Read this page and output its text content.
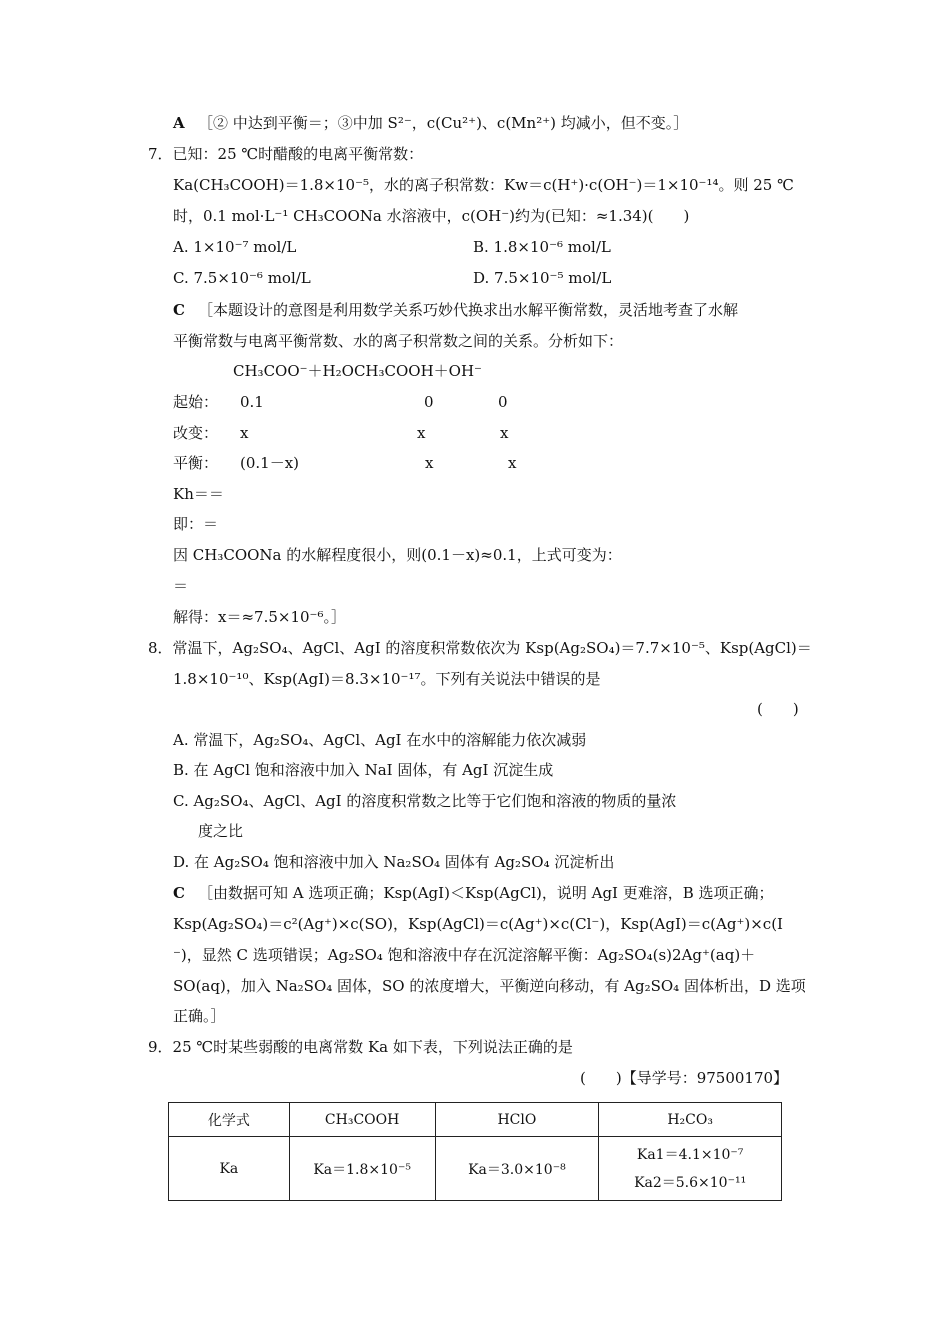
A ［② 中达到平衡＝；③中加 S²⁻，c(Cu²⁺)、c(Mn²⁺) 均减小，但不变。］
7．已知：25 ℃时醋酸的电离平衡常数：
Ka(CH₃COOH)＝1.8×10⁻⁵，水的离子积常数：Kw＝c(H⁺)·c(OH⁻)＝1×10⁻¹⁴。则 25 ℃
时，0.1 mol·L⁻¹ CH₃COONa 水溶液中，c(OH⁻)约为(已知：≈1.34)(　　)
A. 1×10⁻⁷ mol/L	B. 1.8×10⁻⁶ mol/L
C. 7.5×10⁻⁶ mol/L	D. 7.5×10⁻⁵ mol/L
C ［本题设计的意图是利用数学关系巧妙代换求出水解平衡常数，灵活地考查了水解
平衡常数与电离平衡常数、水的离子积常数之间的关系。分析如下：
CH₃COO⁻＋H₂OCH₃COOH＋OH⁻
起始： 0.1	0	0
改变： x	x	x
平衡： (0.1－x)	x	x
Kh＝＝
即：＝
因 CH₃COONa 的水解程度很小，则(0.1－x)≈0.1，上式可变为：
＝
解得：x＝≈7.5×10⁻⁶。］
8．常温下，Ag₂SO₄、AgCl、AgI 的溶度积常数依次为 Ksp(Ag₂SO₄)＝7.7×10⁻⁵、Ksp(AgCl)＝
1.8×10⁻¹⁰、Ksp(AgI)＝8.3×10⁻¹⁷。下列有关说法中错误的是
(　　)
A. 常温下，Ag₂SO₄、AgCl、AgI 在水中的溶解能力依次减弱
B. 在 AgCl 饱和溶液中加入 NaI 固体，有 AgI 沉淀生成
C. Ag₂SO₄、AgCl、AgI 的溶度积常数之比等于它们饱和溶液的物质的量浓
度之比
D. 在 Ag₂SO₄ 饱和溶液中加入 Na₂SO₄ 固体有 Ag₂SO₄ 沉淀析出
C ［由数据可知 A 选项正确；Ksp(AgI)＜Ksp(AgCl)，说明 AgI 更难溶，B 选项正确；
Ksp(Ag₂SO₄)＝c²(Ag⁺)×c(SO)，Ksp(AgCl)＝c(Ag⁺)×c(Cl⁻)，Ksp(AgI)＝c(Ag⁺)×c(I
⁻)，显然 C 选项错误；Ag₂SO₄ 饱和溶液中存在沉淀溶解平衡：Ag₂SO₄(s)2Ag⁺(aq)＋
SO(aq)，加入 Na₂SO₄ 固体，SO 的浓度增大，平衡逆向移动，有 Ag₂SO₄ 固体析出，D 选项
正确。］
9．25 ℃时某些弱酸的电离常数 Ka 如下表，下列说法正确的是
(　　)【导学号：97500170】
化学式	CH₃COOH	HClO	H₂CO₃
Ka	Ka＝1.8×10⁻⁵	Ka＝3.0×10⁻⁸	Ka1＝4.1×10⁻⁷
Ka2＝5.6×10⁻¹¹
